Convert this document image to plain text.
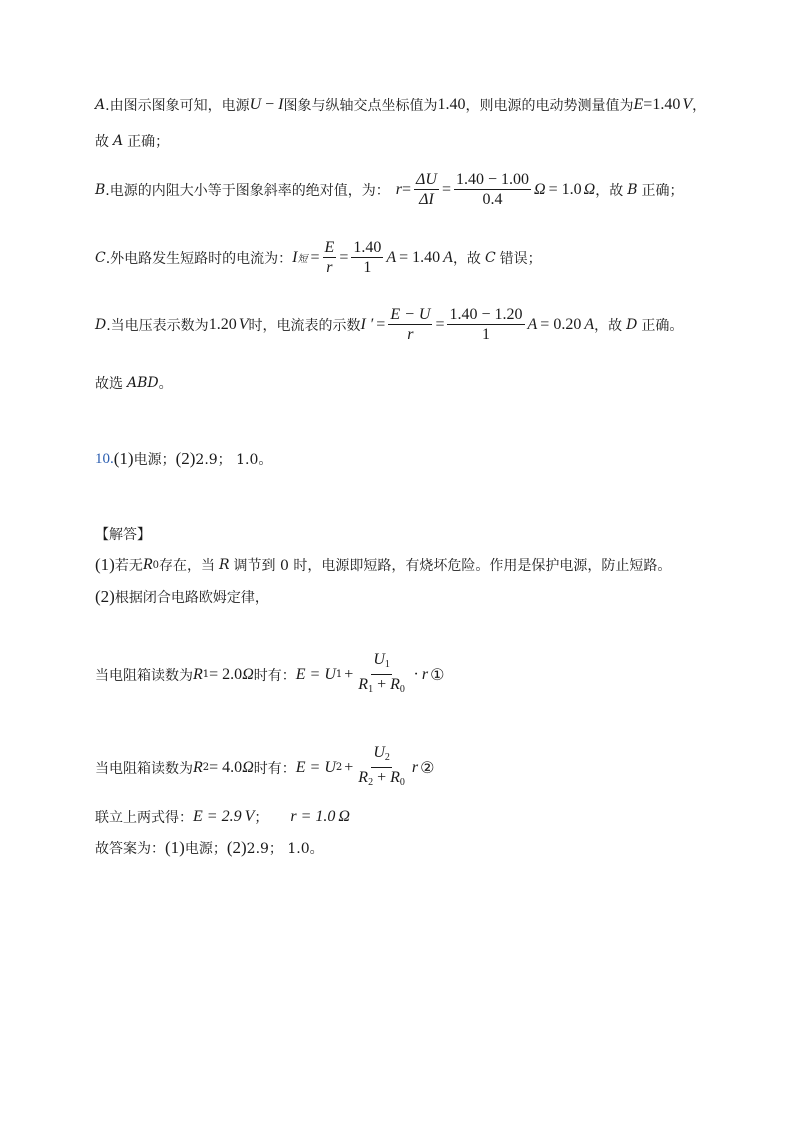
A .由图示图象可知，电源 U − I 图象与纵轴交点坐标值为 1.40 ，则电源的电动势测量值为 E = 1.40 V ，
故 A 正确；
B .电源的内阻大小等于图象斜率的绝对值，为： $r = \frac{\Delta U}{\Delta I} = \frac{1.40 - 1.00}{0.4}$ Ω = 1.0 Ω ，故 B 正确；
C .外电路发生短路时的电流为： I 短 = $\frac{E}{r} = \frac{1.40}{1}$ A = 1.40 A ，故 C 错误；
D .当电压表示数为 1.20 V 时，电流表的示数 I ′ = $\frac{E - U}{r} = \frac{1.40 - 1.20}{1}$ A = 0.20 A ，故 D 正确。
故选 ABD 。
10. (1) 电源； (2) 2.9； 1.0。
【解答】
(1) 若无 R 0 存在，当 R 调节到 0 时，电源即短路，有烧坏危险。作用是保护电源，防止短路。
(2) 根据闭合电路欧姆定律，
当电阻箱读数为 R 1 = 2.0 Ω 时有： E = U $1 + \frac{U_1}{R_1 + R_0} \cdot r$ ①
当电阻箱读数为 R 2 = 4.0 Ω 时有： E = U $2 + \frac{U_2}{R_2 + R_0}$ r ②
联立上两式得： E = 2.9 V ； r = 1.0 Ω
故答案为： (1) 电源； (2) 2.9； 1.0。
